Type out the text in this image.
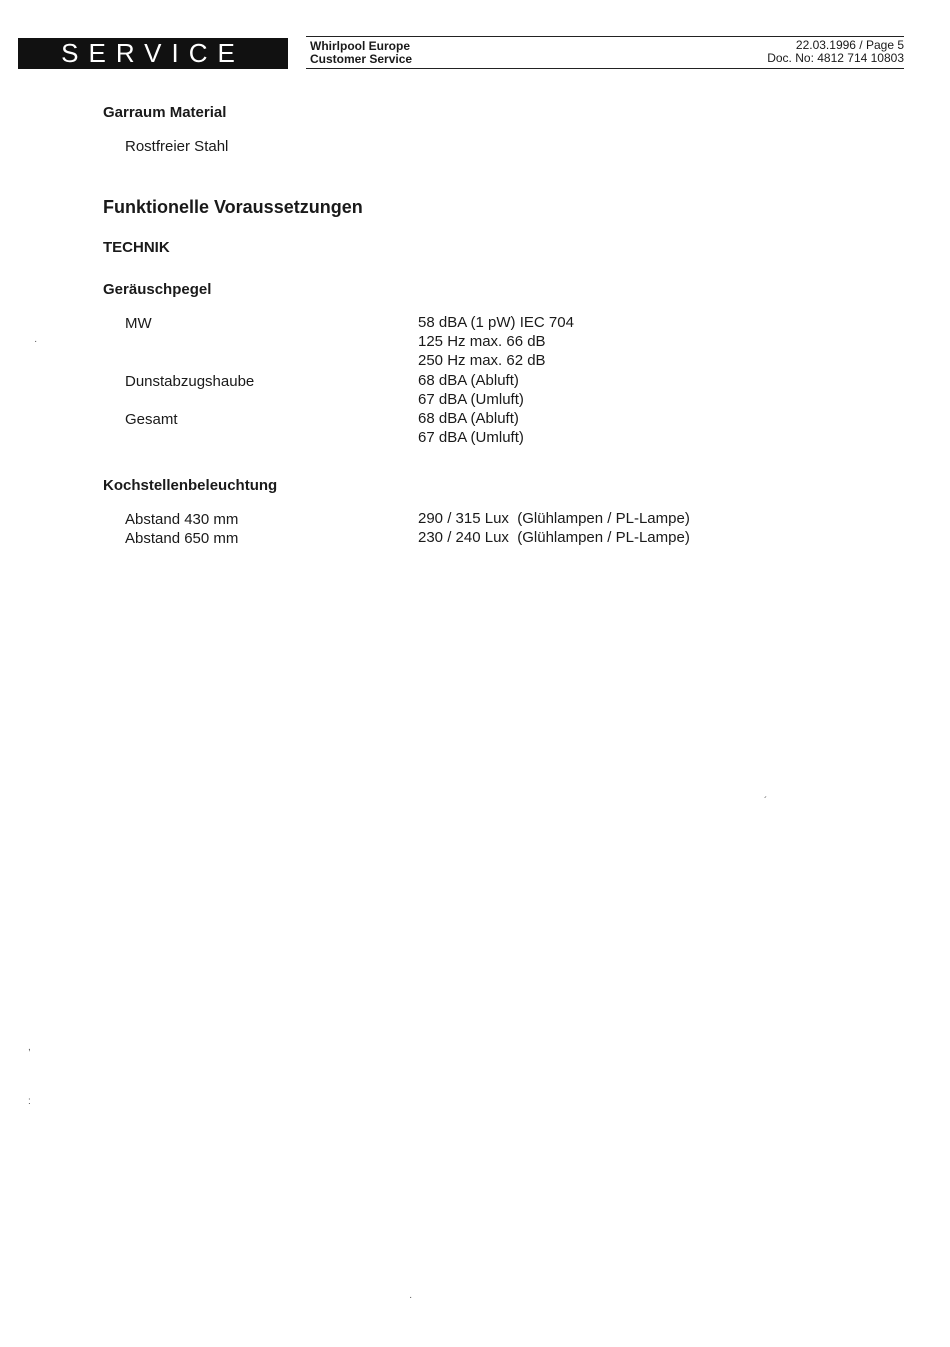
SERVICE	Whirlpool Europe
Customer Service
22.03.1996 / Page 5
Doc. No: 4812 714 10803
Garraum Material
Rostfreier Stahl
Funktionelle Voraussetzungen
TECHNIK
Geräuschpegel
MW	58 dBA (1 pW) IEC 704
125 Hz max. 66 dB
250 Hz max. 62 dB
Dunstabzugshaube	68 dBA (Abluft)
67 dBA (Umluft)
Gesamt	68 dBA (Abluft)
67 dBA (Umluft)
Kochstellenbeleuchtung
Abstand 430 mm	290 / 315 Lux  (Glühlampen / PL-Lampe)
Abstand 650 mm	230 / 240 Lux  (Glühlampen / PL-Lampe)
·
´
,
:
·
